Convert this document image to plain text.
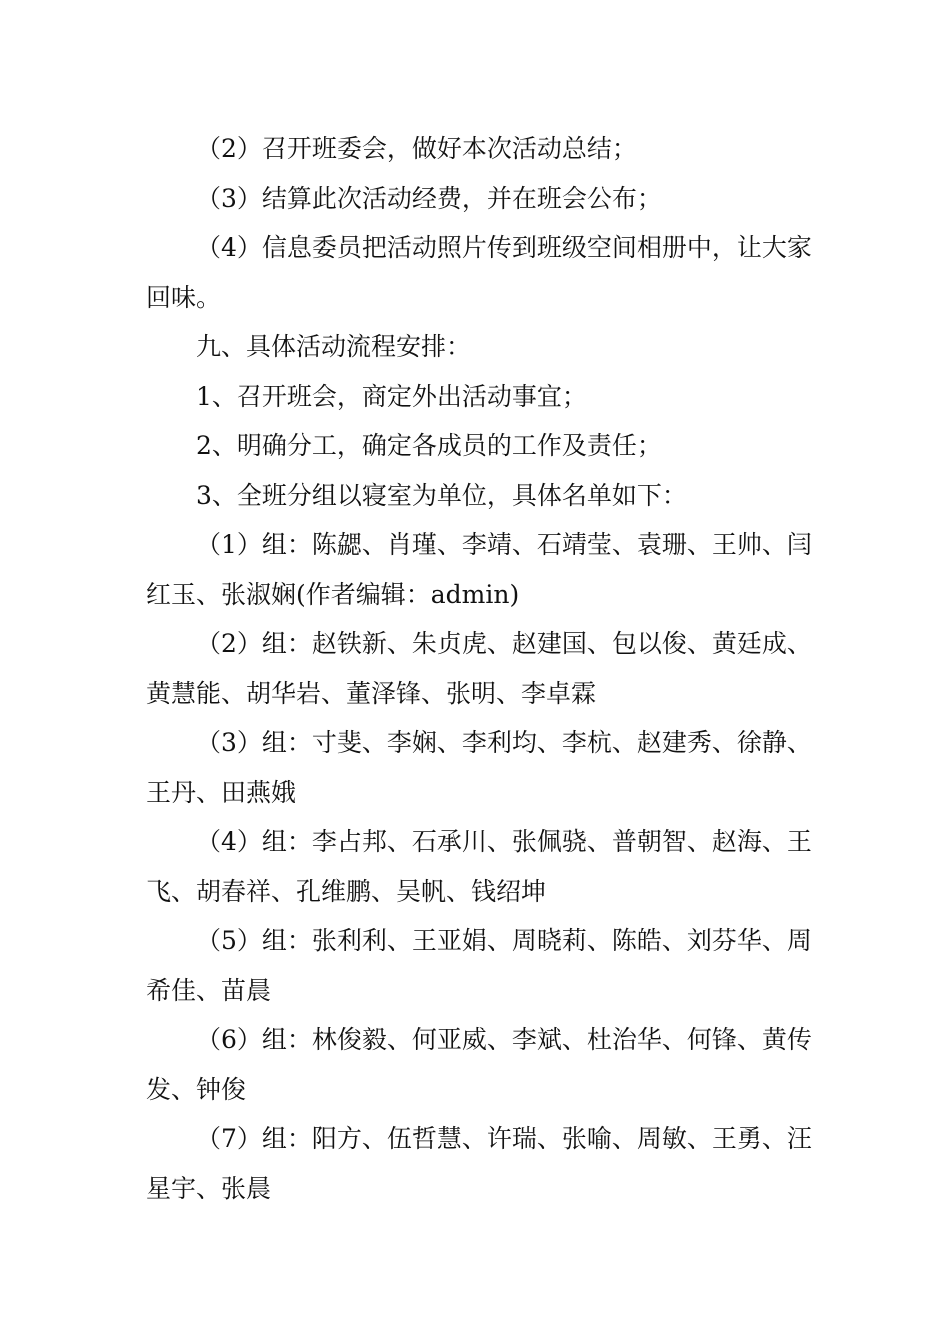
（2）召开班委会，做好本次活动总结；

（3）结算此次活动经费，并在班会公布；

（4）信息委员把活动照片传到班级空间相册中，让大家回味。

九、具体活动流程安排：

1、召开班会，商定外出活动事宜；

2、明确分工，确定各成员的工作及责任；

3、全班分组以寝室为单位，具体名单如下：

（1）组：陈勰、肖瑾、李靖、石靖莹、袁珊、王帅、闫红玉、张淑娴(作者编辑：admin)

（2）组：赵铁新、朱贞虎、赵建国、包以俊、黄廷成、黄慧能、胡华岩、董泽锋、张明、李卓霖

（3）组：寸斐、李娴、李利均、李杭、赵建秀、徐静、王丹、田燕娥

（4）组：李占邦、石承川、张佩骁、普朝智、赵海、王飞、胡春祥、孔维鹏、吴帆、钱绍坤

（5）组：张利利、王亚娟、周晓莉、陈皓、刘芬华、周希佳、苗晨

（6）组：林俊毅、何亚威、李斌、杜治华、何锋、黄传发、钟俊

（7）组：阳方、伍哲慧、许瑞、张喻、周敏、王勇、汪星宇、张晨
